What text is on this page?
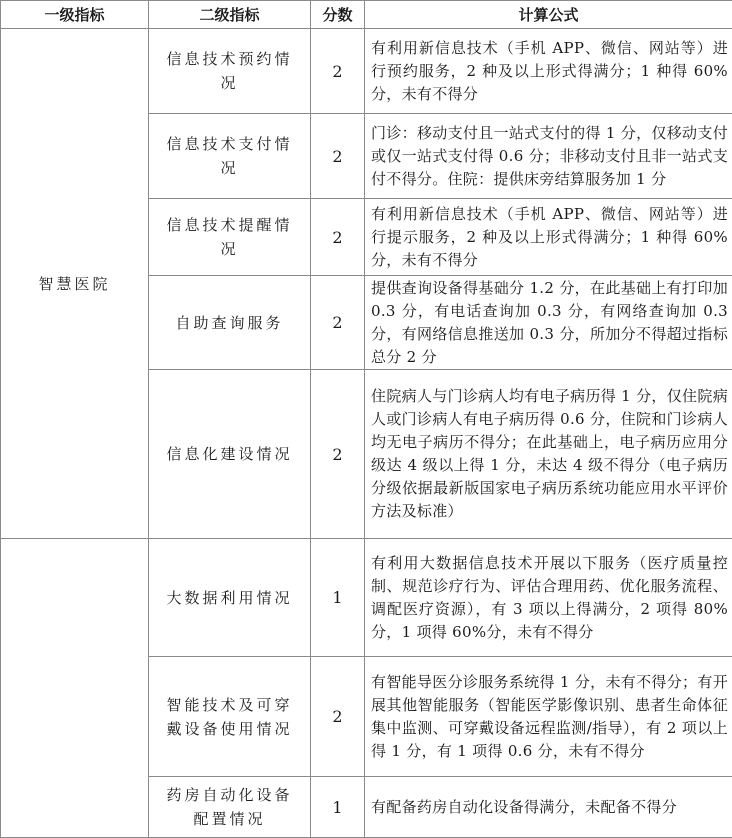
一级指标	二级指标	分数	计算公式
智慧医院	信息技术预约情况	2	有利用新信息技术（手机 APP、微信、网站等）进行预约服务，2 种及以上形式得满分；1 种得 60%分，未有不得分
	信息技术支付情况	2	门诊：移动支付且一站式支付的得 1 分，仅移动支付或仅一站式支付得 0.6 分；非移动支付且非一站式支付不得分。住院：提供床旁结算服务加 1 分
	信息技术提醒情况	2	有利用新信息技术（手机 APP、微信、网站等）进行提示服务，2 种及以上形式得满分；1 种得 60%分，未有不得分
	自助查询服务	2	提供查询设备得基础分 1.2 分，在此基础上有打印加 0.3 分，有电话查询加 0.3 分，有网络查询加 0.3 分，有网络信息推送加 0.3 分，所加分不得超过指标总分 2 分
	信息化建设情况	2	住院病人与门诊病人均有电子病历得 1 分，仅住院病人或门诊病人有电子病历得 0.6 分，住院和门诊病人均无电子病历不得分；在此基础上，电子病历应用分级达 4 级以上得 1 分，未达 4 级不得分（电子病历分级依据最新版国家电子病历系统功能应用水平评价方法及标准）
	大数据利用情况	1	有利用大数据信息技术开展以下服务（医疗质量控制、规范诊疗行为、评估合理用药、优化服务流程、调配医疗资源），有 3 项以上得满分，2 项得 80%分，1 项得 60%分，未有不得分
	智能技术及可穿戴设备使用情况	2	有智能导医分诊服务系统得 1 分，未有不得分；有开展其他智能服务（智能医学影像识别、患者生命体征集中监测、可穿戴设备远程监测/指导），有 2 项以上得 1 分，有 1 项得 0.6 分，未有不得分
	药房自动化设备配置情况	1	有配备药房自动化设备得满分，未配备不得分
